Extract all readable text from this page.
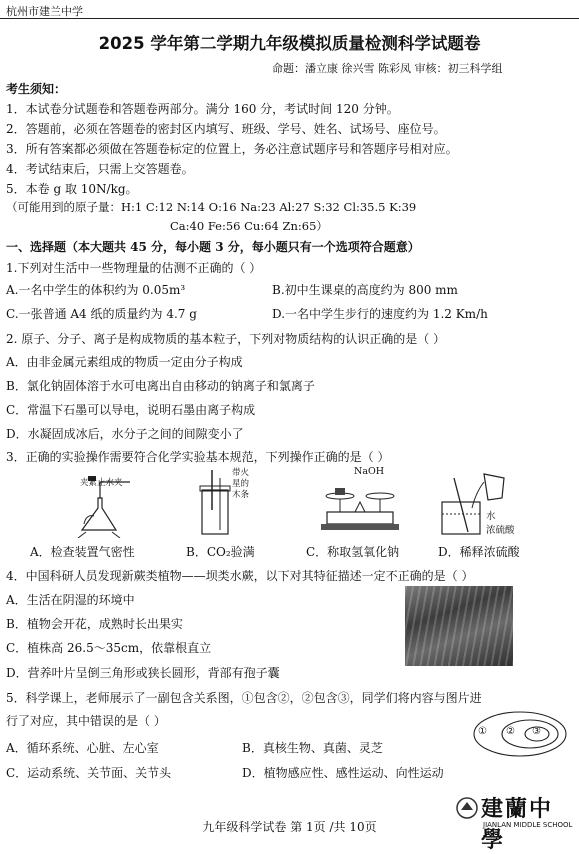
杭州市建兰中学
2025 学年第二学期九年级模拟质量检测科学试题卷
命题：潘立康 徐兴雪 陈彩凤 审核：初三科学组
考生须知：
1．本试卷分试题卷和答题卷两部分。满分 160 分，考试时间 120 分钟。
2．答题前，必须在答题卷的密封区内填写、班级、学号、姓名、试场号、座位号。
3．所有答案都必须做在答题卷标定的位置上，务必注意试题序号和答题序号相对应。
4．考试结束后，只需上交答题卷。
5．本卷 g 取 10N/kg。
（可能用到的原子量：H:1 C:12 N:14 O:16 Na:23 Al:27 S:32 Cl:35.5 K:39
Ca:40 Fe:56 Cu:64 Zn:65）
一、选择题（本大题共 45 分，每小题 3 分，每小题只有一个选项符合题意）
1.下列对生活中一些物理量的估测不正确的（ ）
A.一名中学生的体积约为 0.05m³	B.初中生课桌的高度约为 800 mm
C.一张普通 A4 纸的质量约为 4.7 g	D.一名中学生步行的速度约为 1.2 Km/h
2. 原子、分子、离子是构成物质的基本粒子，下列对物质结构的认识正确的是（ ）
A．由非金属元素组成的物质一定由分子构成
B．氯化钠固体溶于水可电离出自由移动的钠离子和氯离子
C．常温下石墨可以导电，说明石墨由离子构成
D．水凝固成冰后，水分子之间的间隙变小了
3．正确的实验操作需要符合化学实验基本规范，下列操作正确的是（ ）
夹紧止水夹
带火
星的
木条
NaOH
水
浓硫酸
A．检查装置气密性	B．CO₂验满	C．称取氢氧化钠	D．稀释浓硫酸
4．中国科研人员发现新蕨类植物——坝类水蕨，以下对其特征描述一定不正确的是（ ）
A．生活在阴湿的环境中
B．植物会开花，成熟时长出果实
C．植株高 26.5～35cm，依靠根直立
D．营养叶片呈倒三角形或狭长圆形，背部有孢子囊
5．科学课上，老师展示了一副包含关系图，①包含②，②包含③，同学们将内容与图片进
行了对应，其中错误的是（ ）
① ② ③
A．循环系统、心脏、左心室	B．真核生物、真菌、灵芝
C．运动系统、关节面、关节头	D．植物感应性、感性运动、向性运动
九年级科学试卷 第 1页 /共 10页
建蘭中學
JIANLAN MIDDLE SCHOOL
